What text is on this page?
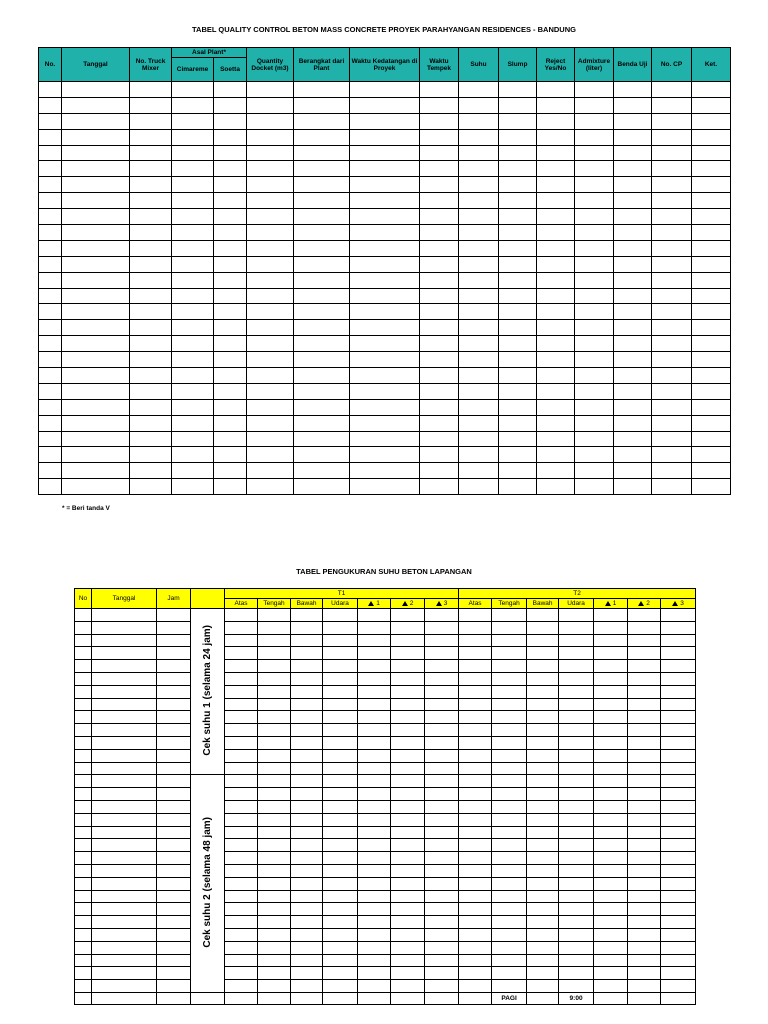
TABEL QUALITY CONTROL BETON MASS CONCRETE PROYEK PARAHYANGAN RESIDENCES - BANDUNG
No.	Tanggal	No. Truck Mixer	Asal Plant*		Quantity Docket (m3)	Berangkat dari Plant	Waktu Kedatangan di Proyek	Waktu Tempek	Suhu	Slump	Reject Yes/No	Admixture (liter)	Benda Uji	No. CP	Ket.
			Cimareme	Soetta											

* = Beri tanda V
TABEL PENGUKURAN SUHU BETON LAPANGAN
No	Tanggal	Jam		T1							T2						
				Atas	Tengah	Bawah	Udara	1	2	3	Atas	Tengah	Bawah	Udara	1	2	3
			Cek suhu 1 (selama 24 jam)														

			Cek suhu 2 (selama 48 jam)														

												PAGI		9:00			
